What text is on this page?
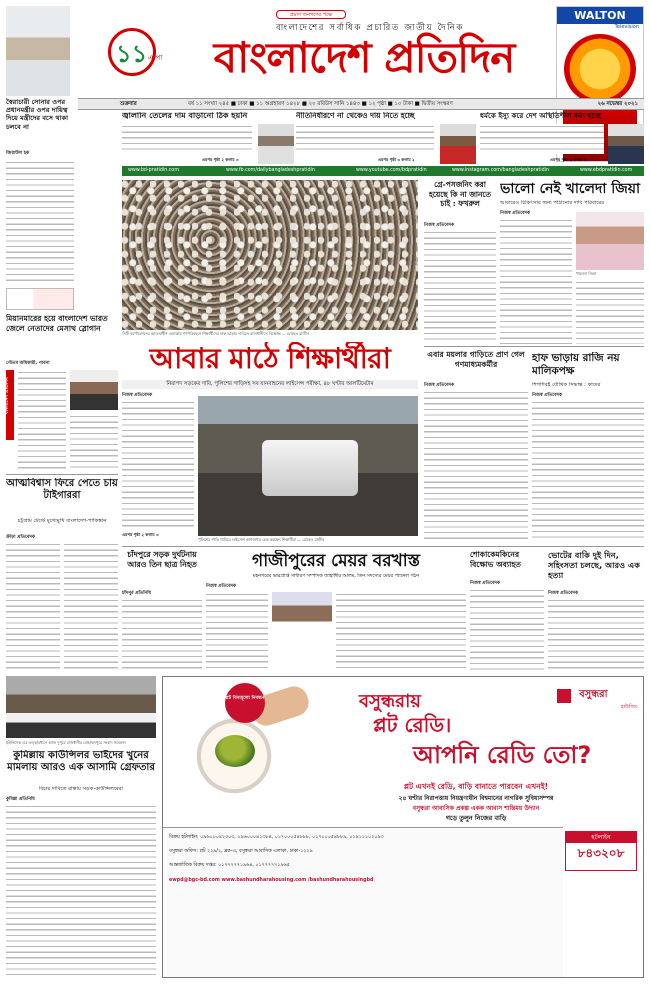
স্বৈরাচারী সোনার ওপর প্রধানমন্ত্রীর ওপর দায়িত্ব দিয়ে মন্ত্রীদের বসে থাকা চলবে না
জিয়াউল হক
১১ এ পা
প্রমাণ জনগণের পক্ষে
বাংলাদেশের সর্বাধিক প্রচারিত জাতীয় দৈনিক
বাংলাদেশ প্রতিদিন
WALTON
Television
শুক্রবার	বর্ষ ১১ সংখ্যা ২৪৫ ■ ঢাকা ■ ১১ অগ্রহায়ণ ১৪২৮ ■ ২০ রবিউস সানি ১৪৪৩ ■ ১২ পৃষ্ঠা ■ ১০ টাকা ■ দ্বিতীয় সংস্করণ	২৬ নভেম্বর ২০২১
জ্বালানি তেলের দাম বাড়ানো ঠিক হয়নি
এরপর পৃষ্ঠা ২ কলাম ৩
নীতিনির্ধারণে না থেকেও দায় নিতে হচ্ছে
এরপর পৃষ্ঠা ৩ কলাম ২
ধর্মকে ইস্যু করে দেশ অস্থিতিশীল করা হচ্ছে
এরপর পৃষ্ঠা ২ কলাম ৬
www.bd-pratidin.com	www.fb.com/dailybangladeshpratidin	www.youtube.com/bdpratidin	www.instagram.com/bangladeshpratidin	www.ebdpratidin.com
মিয়ানমারের হয়ে বাংলাদেশ ভারত জেলে নেতাদের মেসাথ স্লোগান
গৌতম অধিকারী, পাবনা
বাংলাদেশ প্রতিদিন
আত্মবিশ্বাস ফিরে পেতে চায় টাইগাররা
চট্টগ্রাম টেস্টে মুখোমুখি বাংলাদেশ-পাকিস্তান
ক্রীড়া প্রতিবেদক
সিটি কর্পোরেশনের আওতাধীন এলাকায় গণপরিবহনে শিক্ষার্থীদের হাফ ভাড়ার দাবিতে রাজধানীতে বিক্ষোভ — রোহেত রাজীব
আবার মাঠে শিক্ষার্থীরা
নিরাপদ সড়কের দাবি, পুলিশের গাড়িসহ সব যানবাহনের লাইসেন্স পরীক্ষা, ৪৮ ঘণ্টার আলটিমেটাম
নিজস্ব প্রতিবেদক
পুলিশের গাড়ি থামিয়ে লাইসেন্স কাগজপত্র চেক করছেন শিক্ষার্থীরা — রোহেত রাজীব
এরপর পৃষ্ঠা ২ কলাম ৩
গ্রে-পসজনিং করা হয়েছে কি না জানতে চাই : ফখরুল
নিজস্ব প্রতিবেদক
ভালো নেই খালেদা জিয়া
আবারেও চিকিৎসার জন্য পাঠানোর দাবি পরিবারের
নিজস্ব প্রতিবেদক
খালেদা জিয়া
এবার ময়লার গাড়িতে প্রাণ গেল গণমাধ্যমকর্মীর
নিজস্ব প্রতিবেদক
হাফ ভাড়ায় রাজি নয় মালিকপক্ষ
শিগগিরই যৌথিক সিদ্ধান্ত : কাদের
নিজস্ব প্রতিবেদক
চাঁদপুরে সড়ক দুর্ঘটনায় আরও তিন ছাত্র নিহত
চাঁদপুর প্রতিনিধি
গাজীপুরের মেয়র বরখাস্ত
মহনগরের ভারপ্রাপ্ত সাধারণ সম্পাদক জাহাঙ্গীর আলম, তিন সদস্যের মেয়র প্যানেল গঠন
নিজস্ব প্রতিবেদক
শোকাকেমকিনের বিক্ষোভ অব্যাহত
নিজস্ব প্রতিবেদক
ভোটের বাকি দুই দিন, সহিংসতা চলছে, আরও এক হত্যা
নিজস্ব প্রতিবেদক
ইউনিসেক এর তত্ত্বাবধানে আজ দুপুরে রাজধানীর মোহাম্মদপুরে সংবাদ সম্মেলন
কুমিল্লায় কাউন্সিলর ভাইদের খুনের মামলায় আরও এক আসামি গ্রেফতার
বিচার দাবিতে রাস্তায় সড়ক-কাউন্সিলরেরা
কুমিল্লা প্রতিনিধি
প্লট বিনামূল্যে নিবন্ধন	বসুন্ধরায়
প্লট রেডি।
আপনি রেডি তো?
বসুন্ধরা
হাউজিং
প্লট এখনই রেডি, বাড়ি বানাতে পারবেন এখনই!
২৪ ঘণ্টার নিরাপত্তায় নিয়ন্ত্রণাধীন বিশ্বমানের নাগরিক সুবিধাসম্পন্ন
বসুন্ধরা আবাসিক প্রকল্প একক আবাস শান্তিময় উদ্যান
গড়ে তুলুন নিজের বাড়ি
বিক্রয় হটলাইন: ০৯৬০০০৪২৩০৩, ০৯৬০০০৪২৩৮৪, ০১৭০০০৫৪৮৮৮, ০১৭০০০৫৪৮৮৯, ০১৯১১১০২০৯৩
বসুন্ধরা অফিস: প্লট ২২৯/২, ব্লক-এ, বসুন্ধরা আবাসিক এলাকা, ঢাকা-১২২৯
আন্তর্জাতিক বিক্রয় দপ্তর: ০১৭৭৭৭৭১৯৬৪, ০১৭৭৭৭৭১৯৬৫
ewpd@bgc-bd.com www.bashundharahousing.com /bashundharahousingbd
হটলাইন
৮৪৩২০৮
